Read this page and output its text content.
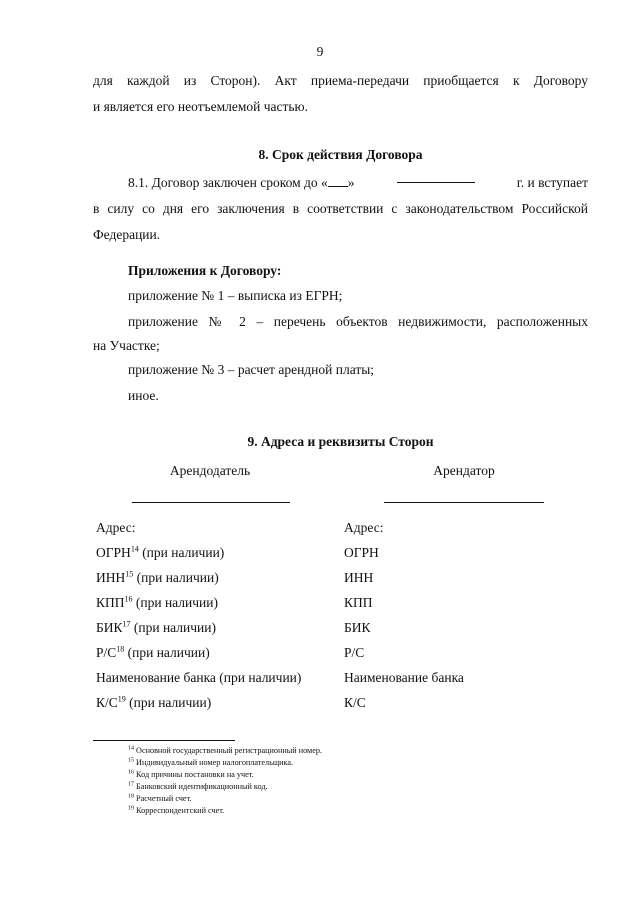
9
для каждой из Сторон). Акт приема-передачи приобщается к Договору
и является его неотъемлемой частью.
8. Срок действия Договора
8.1. Договор заключен сроком до « »	г. и вступает
в силу со дня его заключения в соответствии с законодательством Российской
Федерации.
Приложения к Договору:
приложение № 1 – выписка из ЕГРН;
приложение № 2 – перечень объектов недвижимости, расположенных
на Участке;
приложение № 3 – расчет арендной платы;
иное.
9. Адреса и реквизиты Сторон
Арендодатель	Арендатор
Адрес:
ОГРН$^{14}$ (при наличии)
ИНН$^{15}$ (при наличии)
КПП$^{16}$ (при наличии)
БИК$^{17}$ (при наличии)
$Р/С^{18}$ (при наличии)
Наименование банка (при наличии)
$К/С^{19}$ (при наличии)
Адрес:
ОГРН
ИНН
КПП
БИК
Р/С
Наименование банка
К/С
$^{14}$ Основной государственный регистрационный номер.
$^{15}$ Индивидуальный номер налогоплательщика.
$^{16}$ Код причины постановки на учет.
$^{17}$ Банковский идентификационный код.
$^{18}$ Расчетный счет.
$^{19}$ Корреспондентский счет.
